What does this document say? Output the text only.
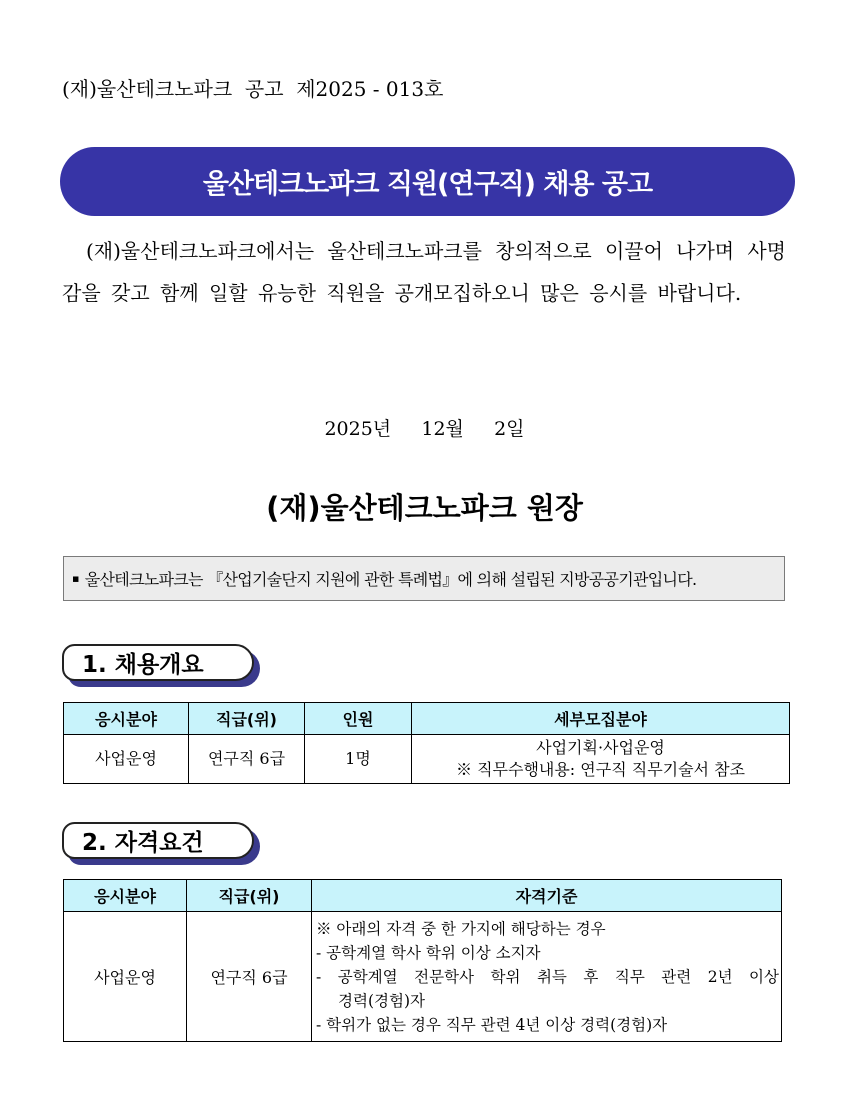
(재)울산테크노파크  공고  제2025 - 013호
울산테크노파크 직원(연구직) 채용 공고
(재)울산테크노파크에서는 울산테크노파크를 창의적으로 이끌어 나가며 사명감을 갖고 함께 일할 유능한 직원을 공개모집하오니 많은 응시를 바랍니다.
2025년     12월     2일
(재)울산테크노파크 원장
▪ 울산테크노파크는 『산업기술단지 지원에 관한 특례법』에 의해 설립된 지방공공기관입니다.
1. 채용개요
응시분야	직급(위)	인원	세부모집분야
사업운영	연구직 6급	1명	사업기획·사업운영
※ 직무수행내용: 연구직 직무기술서 참조
2. 자격요건
응시분야	직급(위)	자격기준
사업운영	연구직 6급	※ 아래의 자격 중 한 가지에 해당하는 경우
- 공학계열 학사 학위 이상 소지자
- 공학계열 전문학사 학위 취득 후 직무 관련 2년 이상
경력(경험)자
- 학위가 없는 경우 직무 관련 4년 이상 경력(경험)자
